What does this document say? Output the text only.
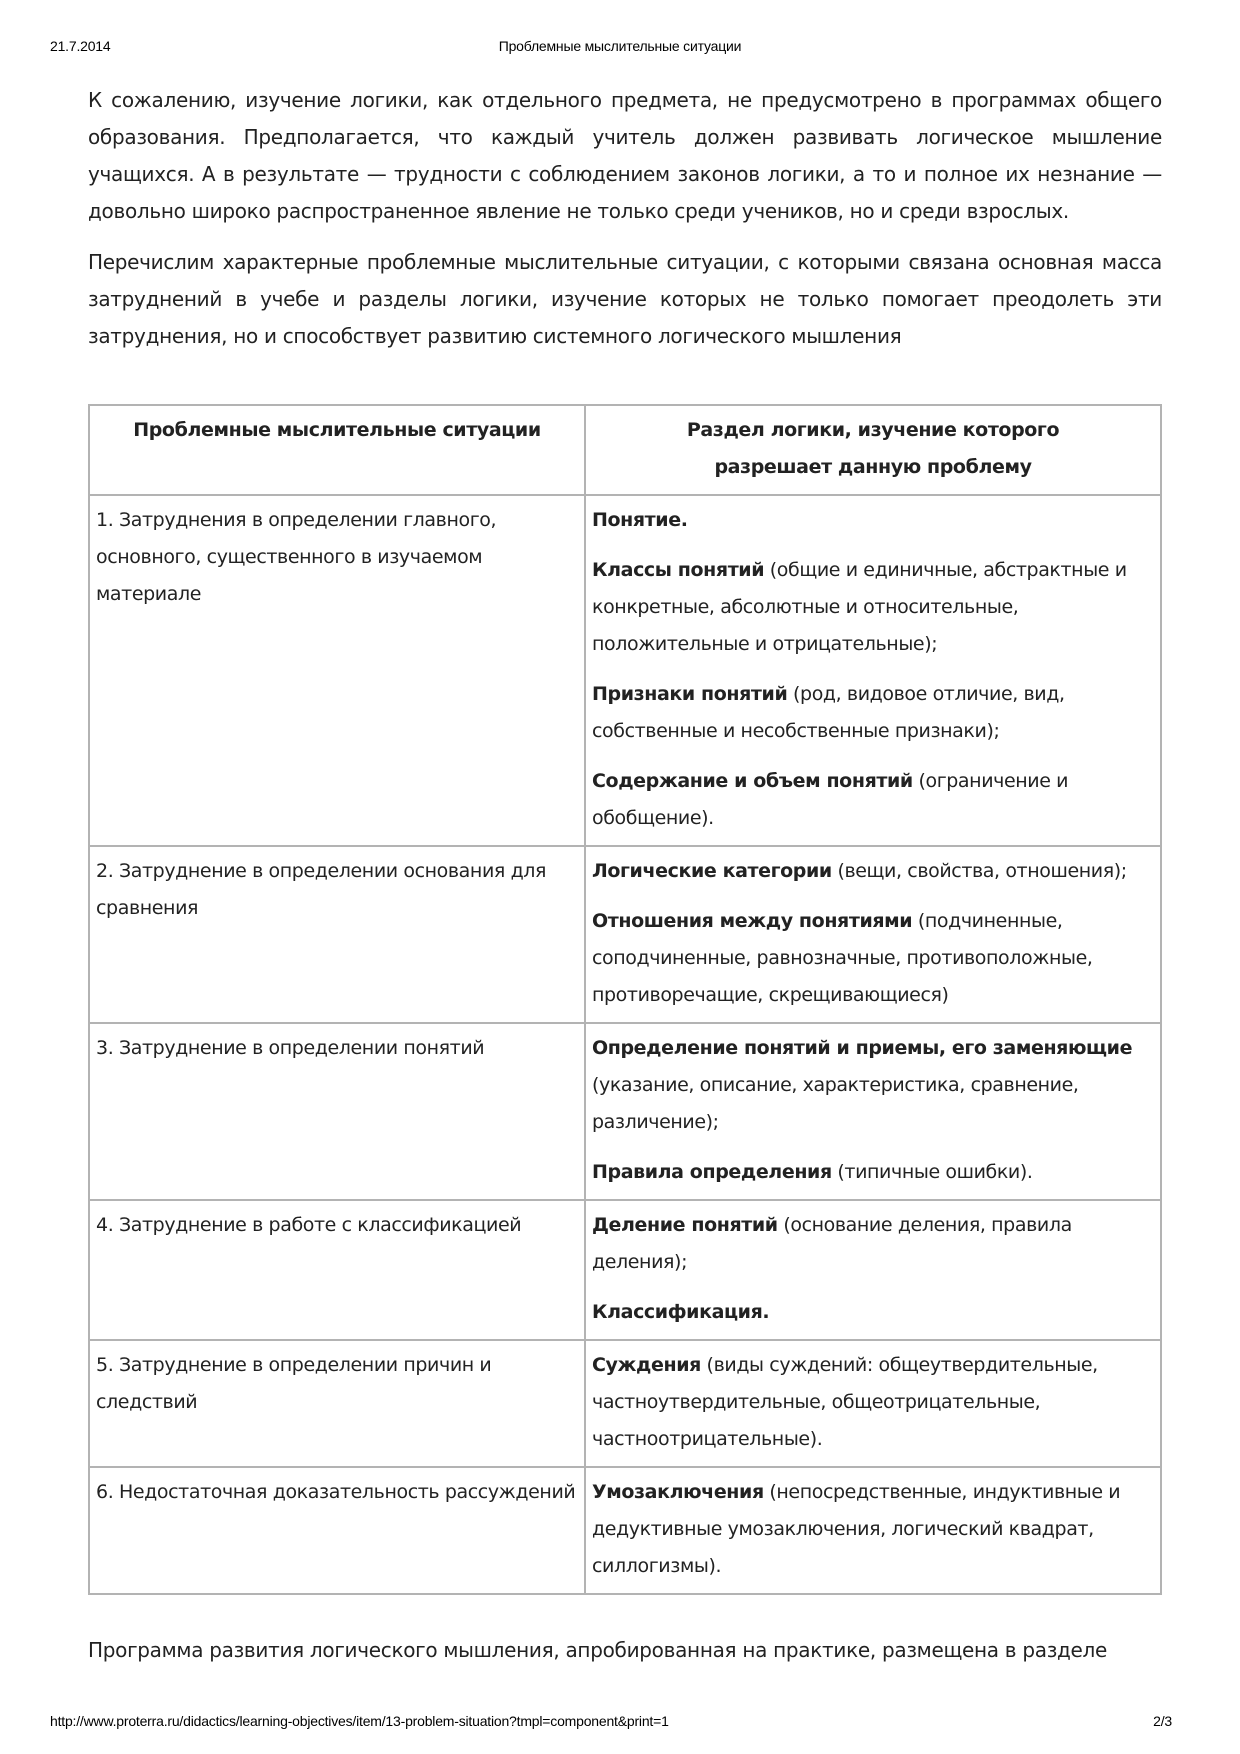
21.7.2014	Проблемные мыслительные ситуации

К сожалению, изучение логики, как отдельного предмета, не предусмотрено в программах общего образования. Предполагается, что каждый учитель должен развивать логическое мышление учащихся. А в результате — трудности с соблюдением законов логики, а то и полное их незнание — довольно широко распространенное явление не только среди учеников, но и среди взрослых.

Перечислим характерные проблемные мыслительные ситуации, с которыми связана основная масса затруднений в учебе и разделы логики, изучение которых не только помогает преодолеть эти затруднения, но и способствует развитию системного логического мышления

Проблемные мыслительные ситуации	Раздел логики, изучение которого разрешает данную проблему
1. Затруднения в определении главного, основного, существенного в изучаемом материале	Понятие.
Классы понятий (общие и единичные, абстрактные и конкретные, абсолютные и относительные, положительные и отрицательные);
Признаки понятий (род, видовое отличие, вид, собственные и несобственные признаки);
Содержание и объем понятий (ограничение и обобщение).

2. Затруднение в определении основания для сравнения	Логические категории (вещи, свойства, отношения);
Отношения между понятиями (подчиненные, соподчиненные, равнозначные, противоположные, противоречащие, скрещивающиеся)

3. Затруднение в определении понятий	Определение понятий и приемы, его заменяющие (указание, описание, характеристика, сравнение, различение);
Правила определения (типичные ошибки).

4. Затруднение в работе с классификацией	Деление понятий (основание деления, правила деления);
Классификация.

5. Затруднение в определении причин и следствий	Суждения (виды суждений: общеутвердительные, частноутвердительные, общеотрицательные, частноотрицательные).

6. Недостаточная доказательность рассуждений	Умозаключения (непосредственные, индуктивные и дедуктивные умозаключения, логический квадрат, силлогизмы).
Программа развития логического мышления, апробированная на практике, размещена в разделе
http://www.proterra.ru/didactics/learning-objectives/item/13-problem-situation?tmpl=component&print=1	2/3
